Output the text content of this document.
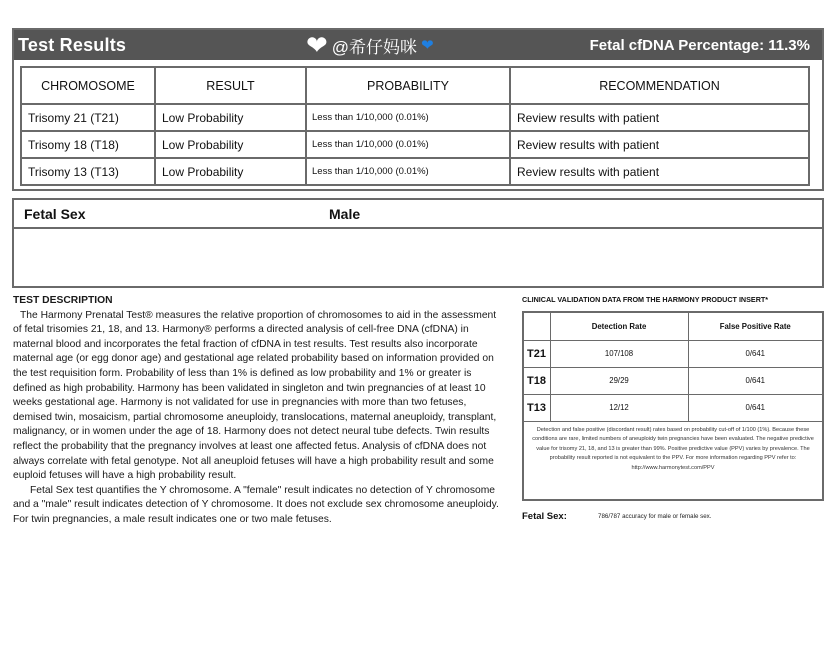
Test Results	Fetal cfDNA Percentage: 11.3%
❤ @希仔妈咪 ❤
CHROMOSOME	RESULT	PROBABILITY	RECOMMENDATION
Trisomy 21 (T21)	Low Probability	Less than 1/10,000 (0.01%)	Review results with patient
Trisomy 18 (T18)	Low Probability	Less than 1/10,000 (0.01%)	Review results with patient
Trisomy 13 (T13)	Low Probability	Less than 1/10,000 (0.01%)	Review results with patient
Fetal Sex	Male
TEST DESCRIPTION

The Harmony Prenatal Test® measures the relative proportion of chromosomes to aid in the assessment of fetal trisomies 21, 18, and 13. Harmony® performs a directed analysis of cell-free DNA (cfDNA) in maternal blood and incorporates the fetal fraction of cfDNA in test results. Test results also incorporate maternal age (or egg donor age) and gestational age related probability based on information provided on the test requisition form. Probability of less than 1% is defined as low probability and 1% or greater is defined as high probability. Harmony has been validated in singleton and twin pregnancies of at least 10 weeks gestational age. Harmony is not validated for use in pregnancies with more than two fetuses, demised twin, mosaicism, partial chromosome aneuploidy, translocations, maternal aneuploidy, transplant, malignancy, or in women under the age of 18. Harmony does not detect neural tube defects. Twin results reflect the probability that the pregnancy involves at least one affected fetus. Analysis of cfDNA does not always correlate with fetal genotype. Not all aneuploid fetuses will have a high probability result and some euploid fetuses will have a high probability result.

Fetal Sex test quantifies the Y chromosome. A "female" result indicates no detection of Y chromosome and a "male" result indicates detection of Y chromosome. It does not exclude sex chromosome aneuploidy. For twin pregnancies, a male result indicates one or two male fetuses.

CLINICAL VALIDATION DATA FROM THE HARMONY PRODUCT INSERT*
	Detection Rate	False Positive Rate
T21	107/108	0/641
T18	29/29	0/641
T13	12/12	0/641
Detection and false positive (discordant result) rates based on probability cut-off of 1/100 (1%). Because these conditions are rare, limited numbers of aneuploidy twin pregnancies have been evaluated. The negative predictive value for trisomy 21, 18, and 13 is greater than 99%. Positive predictive value (PPV) varies by prevalence. The probability result reported is not equivalent to the PPV. For more information regarding PPV refer to: http://www.harmonytest.com/PPV
Fetal Sex:	786/787 accuracy for male or female sex.
